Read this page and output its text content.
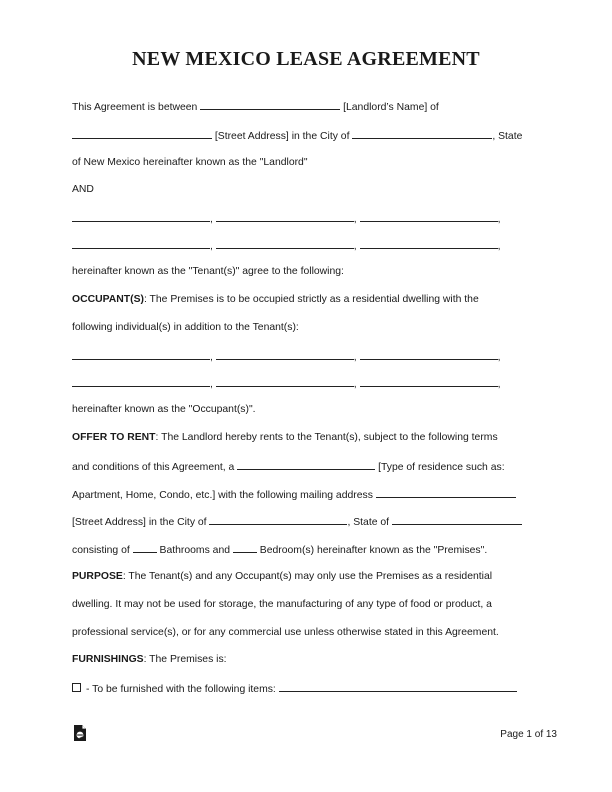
NEW MEXICO LEASE AGREEMENT
This Agreement is between	[Landlord’s Name] of
[Street Address] in the City of	, State
of New Mexico hereinafter known as the "Landlord"
AND
,	,	,
,	,	,
hereinafter known as the "Tenant(s)" agree to the following:
OCCUPANT(S): The Premises is to be occupied strictly as a residential dwelling with the
following individual(s) in addition to the Tenant(s):
,	,	,
,	,	,
hereinafter known as the "Occupant(s)".
OFFER TO RENT: The Landlord hereby rents to the Tenant(s), subject to the following terms
and conditions of this Agreement, a	[Type of residence such as:
Apartment, Home, Condo, etc.] with the following mailing address
[Street Address] in the City of	, State of
consisting of  Bathrooms and  Bedroom(s) hereinafter known as the "Premises".
PURPOSE: The Tenant(s) and any Occupant(s) may only use the Premises as a residential
dwelling. It may not be used for storage, the manufacturing of any type of food or product, a
professional service(s), or for any commercial use unless otherwise stated in this Agreement.
FURNISHINGS: The Premises is:
- To be furnished with the following items:
Page 1 of 13
